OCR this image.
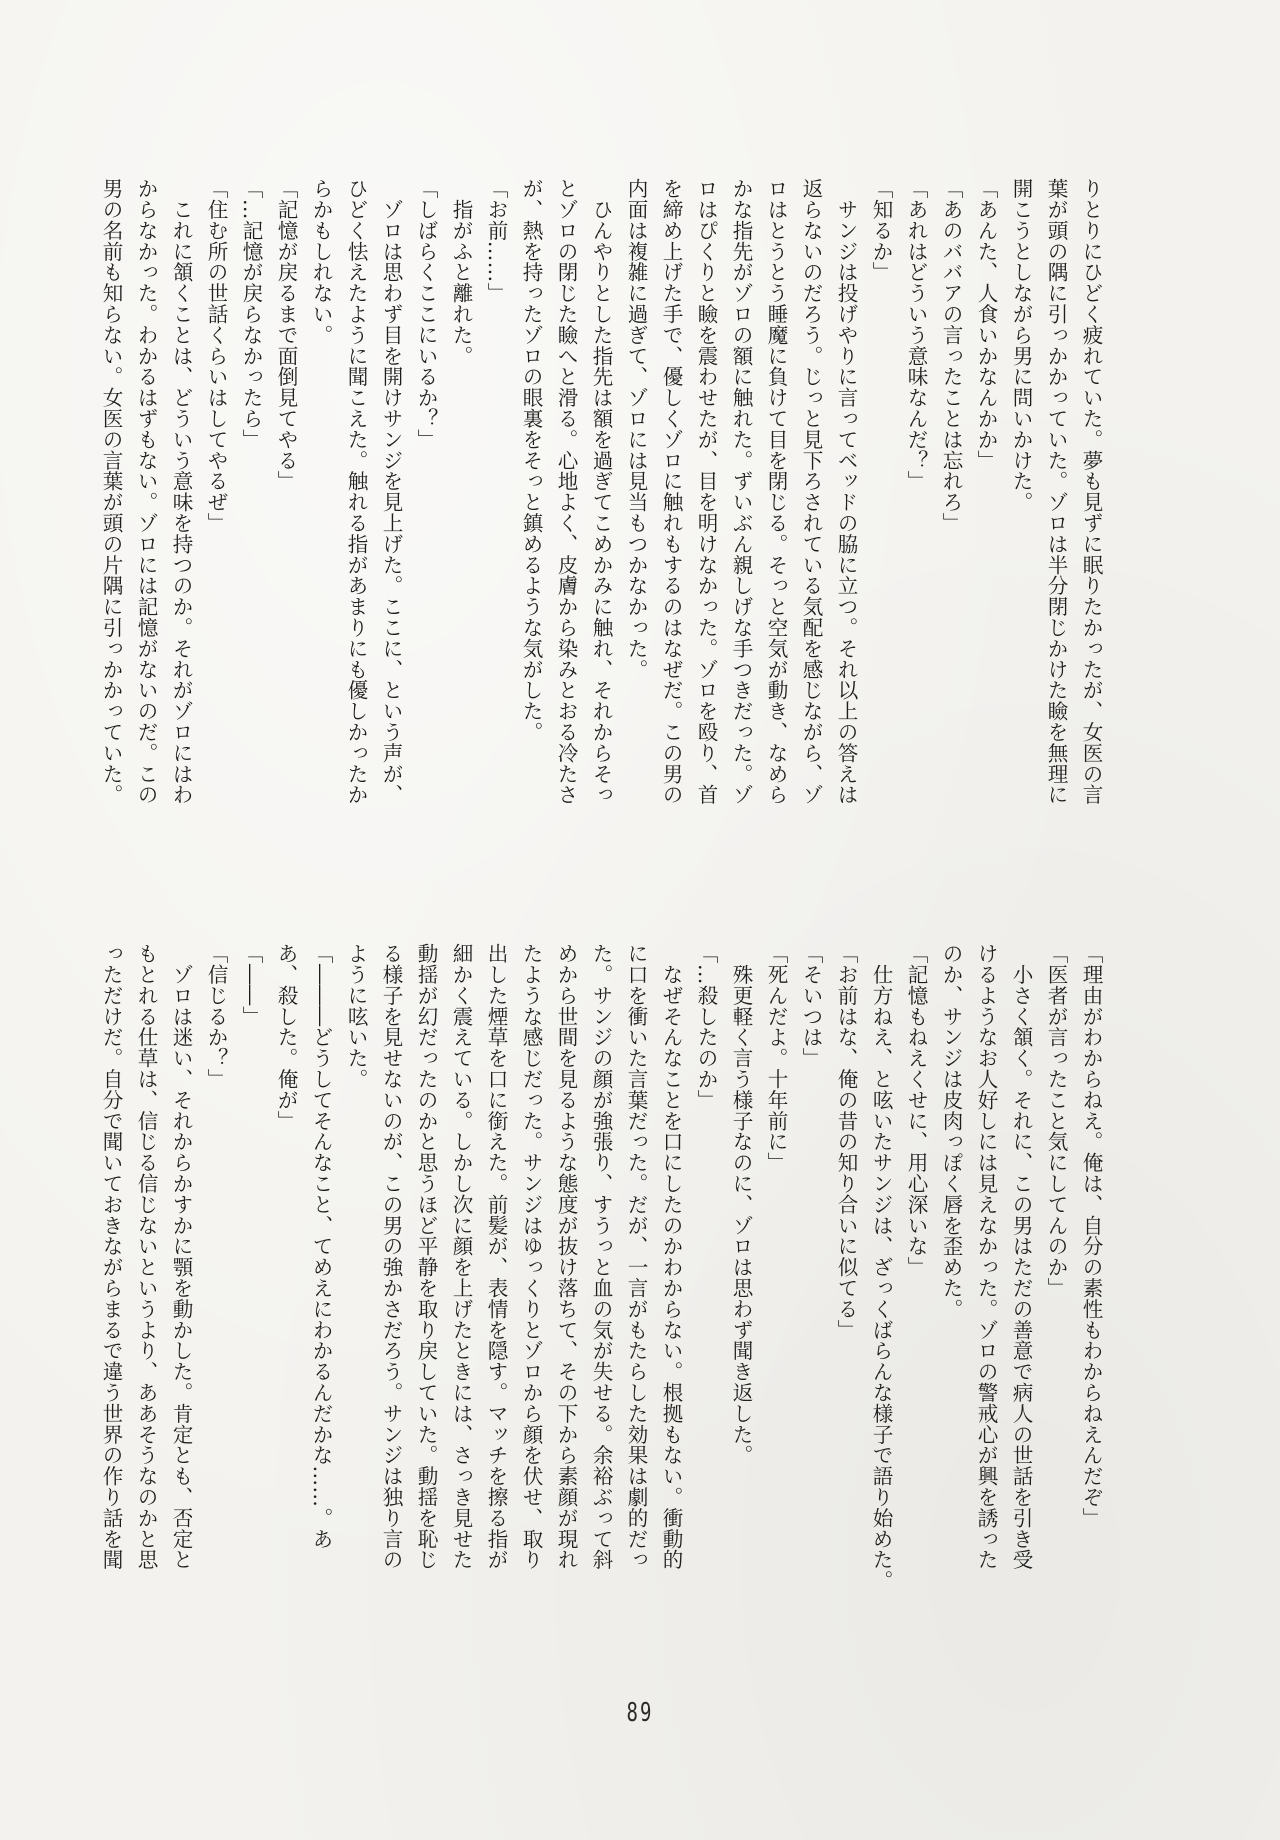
りとりにひどく疲れていた。夢も見ずに眠りたかったが、女医の言
葉が頭の隅に引っかかっていた。ゾロは半分閉じかけた瞼を無理に
開こうとしながら男に問いかけた。
「あんた、人食いかなんかか」
「あのババアの言ったことは忘れろ」
「あれはどういう意味なんだ？」
「知るか」
　サンジは投げやりに言ってベッドの脇に立つ。それ以上の答えは
返らないのだろう。じっと見下ろされている気配を感じながら、ゾ
ロはとうとう睡魔に負けて目を閉じる。そっと空気が動き、なめら
かな指先がゾロの額に触れた。ずいぶん親しげな手つきだった。ゾ
ロはぴくりと瞼を震わせたが、目を明けなかった。ゾロを殴り、首
を締め上げた手で、優しくゾロに触れもするのはなぜだ。この男の
内面は複雑に過ぎて、ゾロには見当もつかなかった。
　ひんやりとした指先は額を過ぎてこめかみに触れ、それからそっ
とゾロの閉じた瞼へと滑る。心地よく、皮膚から染みとおる冷たさ
が、熱を持ったゾロの眼裏をそっと鎮めるような気がした。
「お前……」
　指がふと離れた。
「しばらくここにいるか？」
　ゾロは思わず目を開けサンジを見上げた。ここに、という声が、
ひどく怯えたように聞こえた。触れる指があまりにも優しかったか
らかもしれない。
「記憶が戻るまで面倒見てやる」
「…記憶が戻らなかったら」
「住む所の世話くらいはしてやるぜ」
　これに頷くことは、どういう意味を持つのか。それがゾロにはわ
からなかった。わかるはずもない。ゾロには記憶がないのだ。この
男の名前も知らない。女医の言葉が頭の片隅に引っかかっていた。
「理由がわからねえ。俺は、自分の素性もわからねえんだぞ」
「医者が言ったこと気にしてんのか」
　小さく頷く。それに、この男はただの善意で病人の世話を引き受
けるようなお人好しには見えなかった。ゾロの警戒心が興を誘った
のか、サンジは皮肉っぽく唇を歪めた。
「記憶もねえくせに、用心深いな」
　仕方ねえ、と呟いたサンジは、ざっくばらんな様子で語り始めた。
「お前はな、俺の昔の知り合いに似てる」
「そいつは」
「死んだよ。十年前に」
　殊更軽く言う様子なのに、ゾロは思わず聞き返した。
「…殺したのか」
　なぜそんなことを口にしたのかわからない。根拠もない。衝動的
に口を衝いた言葉だった。だが、一言がもたらした効果は劇的だっ
た。サンジの顔が強張り、すうっと血の気が失せる。余裕ぶって斜
めから世間を見るような態度が抜け落ちて、その下から素顔が現れ
たような感じだった。サンジはゆっくりとゾロから顔を伏せ、取り
出した煙草を口に銜えた。前髪が、表情を隠す。マッチを擦る指が
細かく震えている。しかし次に顔を上げたときには、さっき見せた
動揺が幻だったのかと思うほど平静を取り戻していた。動揺を恥じ
る様子を見せないのが、この男の強かさだろう。サンジは独り言の
ように呟いた。
「―――どうしてそんなこと、てめえにわかるんだかな……。あ
あ、殺した。俺が」
「――」
「信じるか？」
　ゾロは迷い、それからかすかに顎を動かした。肯定とも、否定と
もとれる仕草は、信じる信じないというより、ああそうなのかと思
っただけだ。自分で聞いておきながらまるで違う世界の作り話を聞
89
